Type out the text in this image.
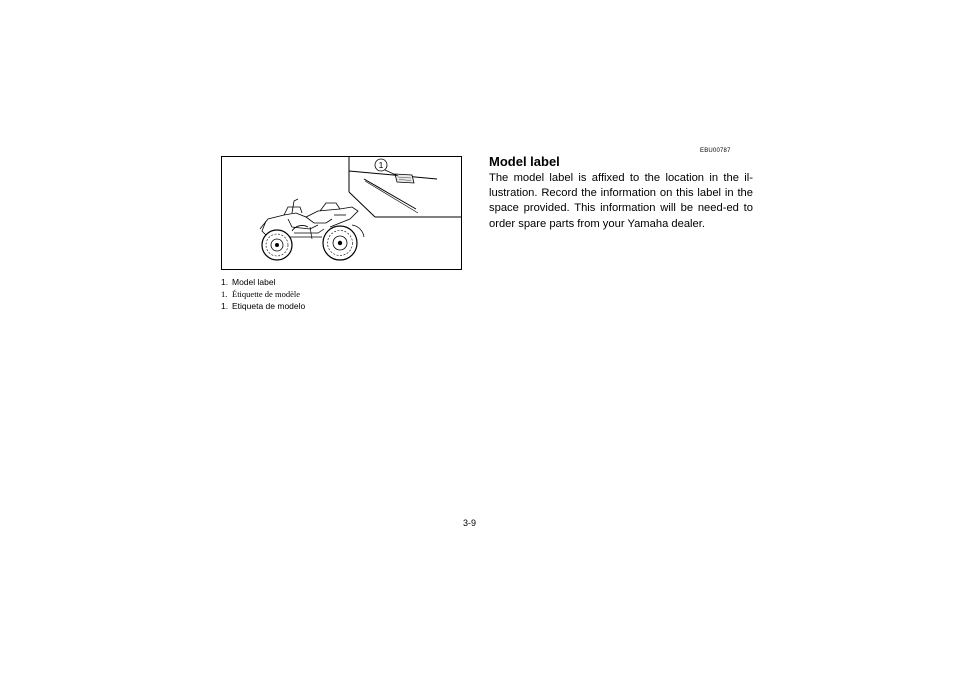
1
1. Model label
1. Étiquette de modèle
1. Etiqueta de modelo
EBU00787
Model label
The model label is affixed to the location in the il-lustration. Record the information on this label in the space provided. This information will be need-ed to order spare parts from your Yamaha dealer.
3-9
